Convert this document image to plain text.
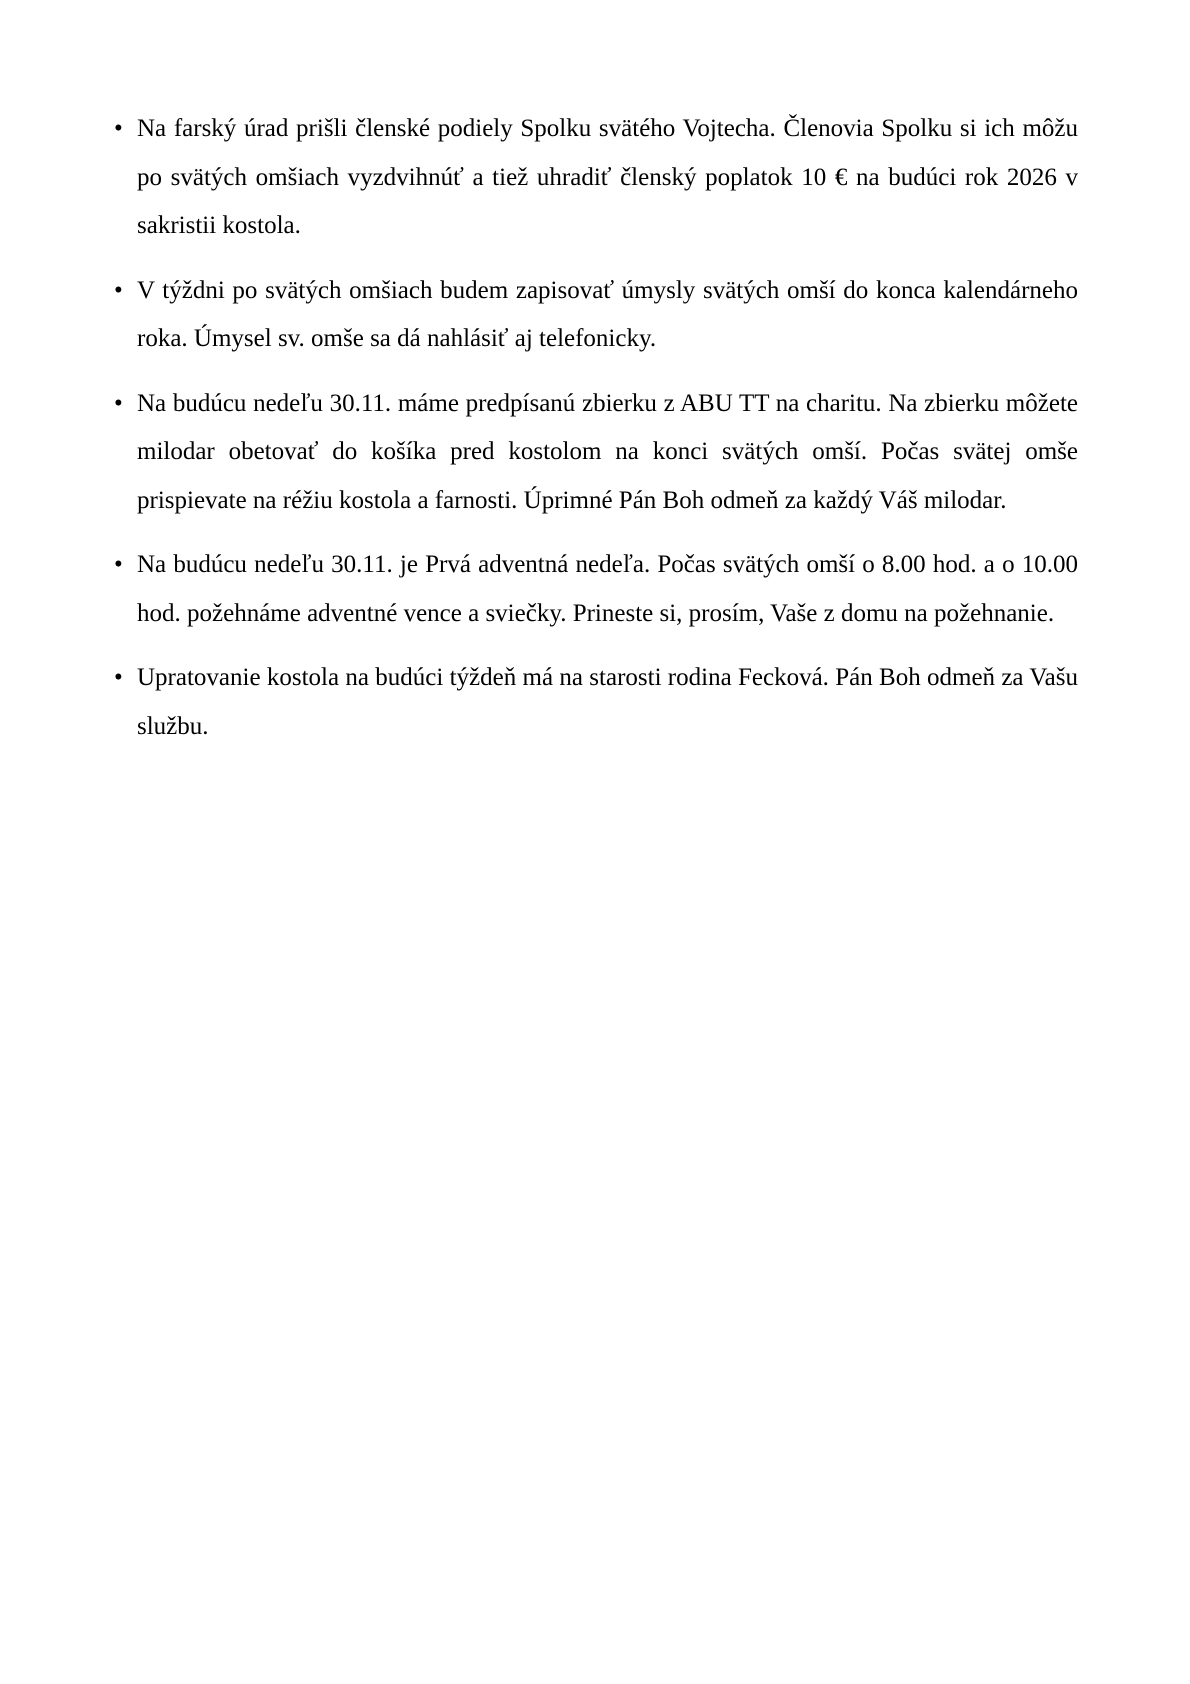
• Na farský úrad prišli členské podiely Spolku svätého Vojtecha. Členovia Spolku si ich môžu po svätých omšiach vyzdvihnúť a tiež uhradiť členský poplatok 10 € na budúci rok 2026 v sakristii kostola.
• V týždni po svätých omšiach budem zapisovať úmysly svätých omší do konca kalendárneho roka. Úmysel sv. omše sa dá nahlásiť aj telefonicky.
• Na budúcu nedeľu 30.11. máme predpísanú zbierku z ABU TT na charitu. Na zbierku môžete milodar obetovať do košíka pred kostolom na konci svätých omší. Počas svätej omše prispievate na réžiu kostola a farnosti. Úprimné Pán Boh odmeň za každý Váš milodar.
• Na budúcu nedeľu 30.11. je Prvá adventná nedeľa. Počas svätých omší o 8.00 hod. a o 10.00 hod. požehnáme adventné vence a sviečky. Prineste si, prosím, Vaše z domu na požehnanie.
• Upratovanie kostola na budúci týždeň má na starosti rodina Fecková. Pán Boh odmeň za Vašu službu.
